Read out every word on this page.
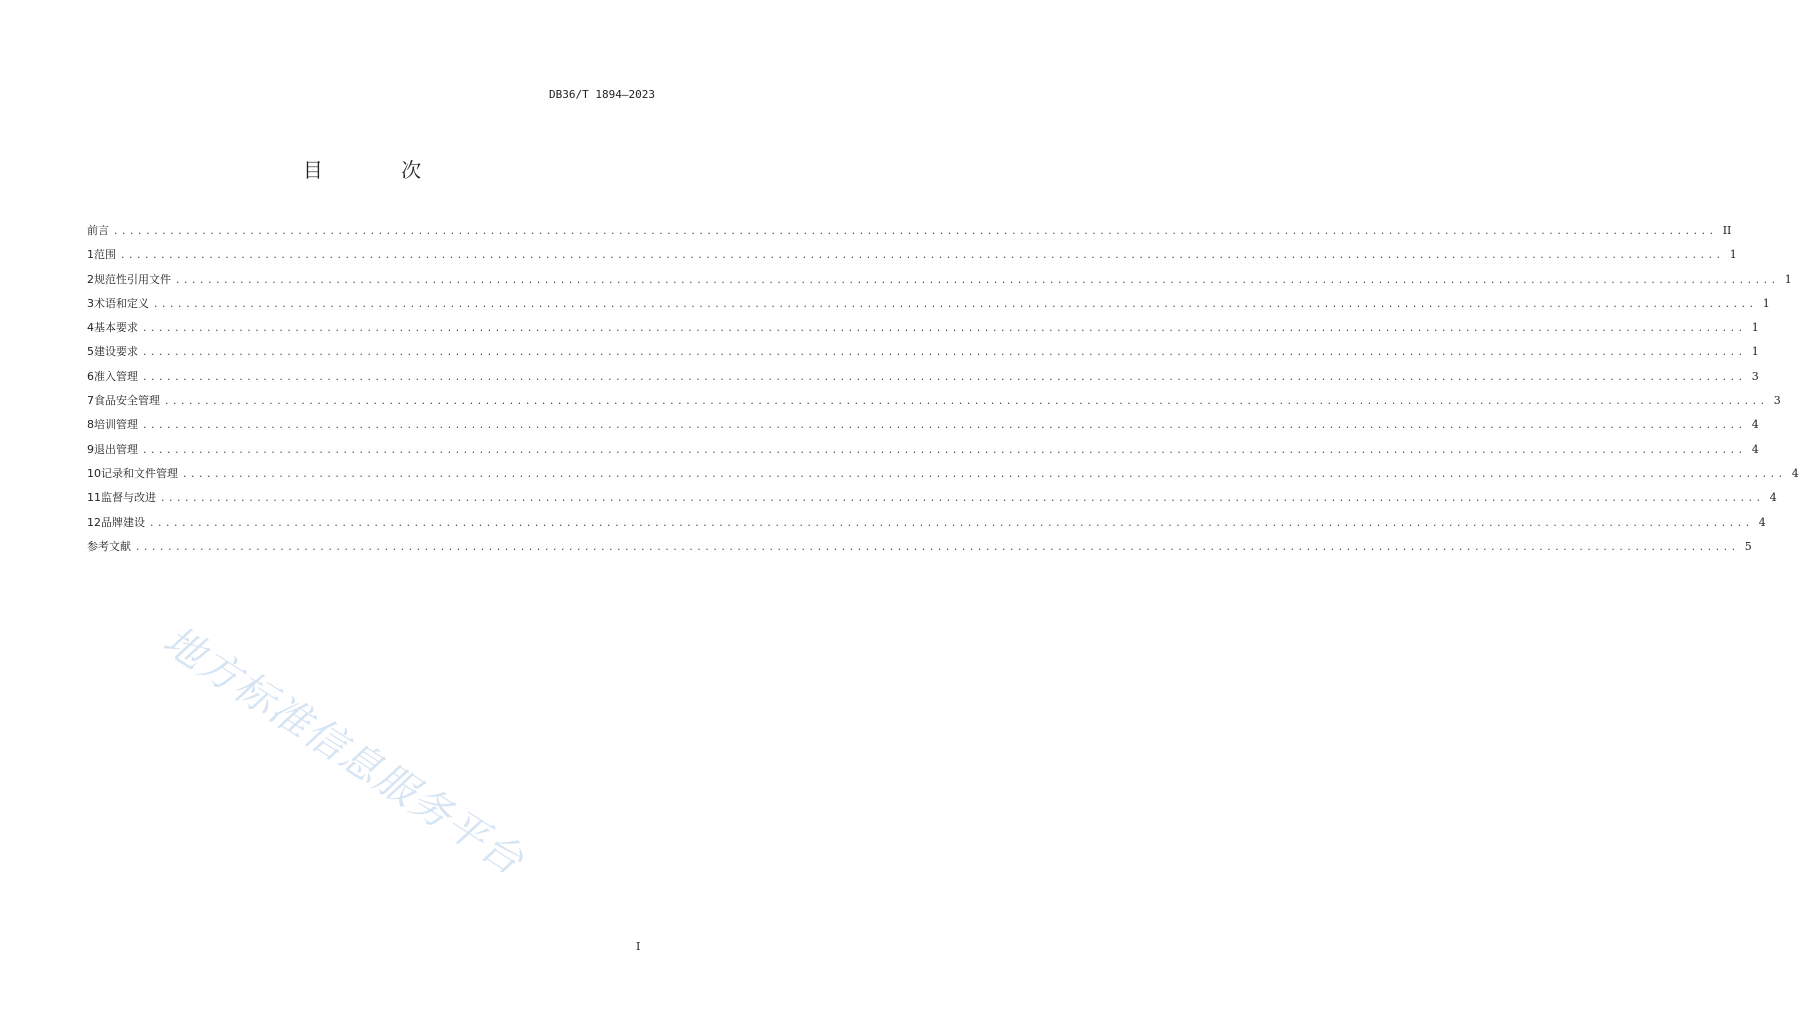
DB36/T 1894—2023
目 次
前言 ........................................................................................................................................................................................................ II
1 范围 ........................................................................................................................................................................................................ 1
2 规范性引用文件 ........................................................................................................................................................................................................ 1
3 术语和定义 ........................................................................................................................................................................................................ 1
4 基本要求 ........................................................................................................................................................................................................ 1
5 建设要求 ........................................................................................................................................................................................................ 1
6 准入管理 ........................................................................................................................................................................................................ 3
7 食品安全管理 ........................................................................................................................................................................................................ 3
8 培训管理 ........................................................................................................................................................................................................ 4
9 退出管理 ........................................................................................................................................................................................................ 4
10 记录和文件管理 ........................................................................................................................................................................................................ 4
11 监督与改进 ........................................................................................................................................................................................................ 4
12 品牌建设 ........................................................................................................................................................................................................ 4
参考文献 ........................................................................................................................................................................................................ 5
地方标准信息服务平台
I
